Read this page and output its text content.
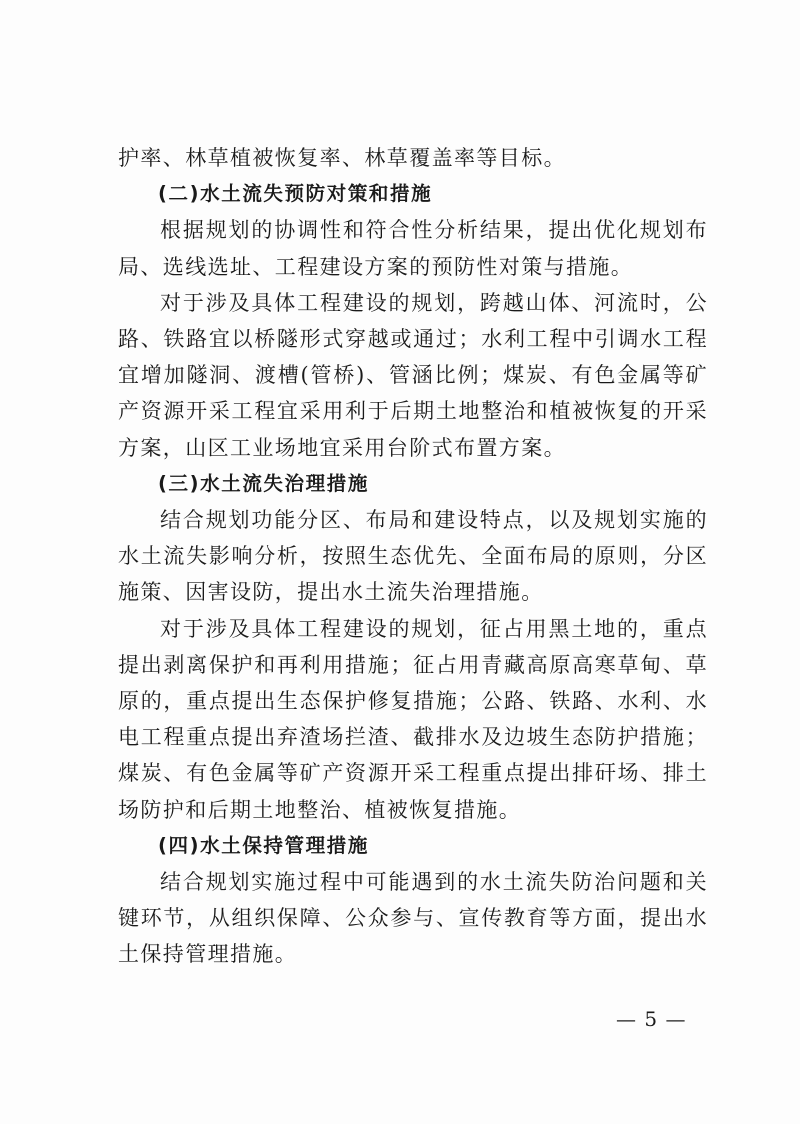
护率、林草植被恢复率、林草覆盖率等目标。

(二)水土流失预防对策和措施

根据规划的协调性和符合性分析结果，提出优化规划布局、选线选址、工程建设方案的预防性对策与措施。

对于涉及具体工程建设的规划，跨越山体、河流时，公路、铁路宜以桥隧形式穿越或通过；水利工程中引调水工程宜增加隧洞、渡槽(管桥)、管涵比例；煤炭、有色金属等矿产资源开采工程宜采用利于后期土地整治和植被恢复的开采方案，山区工业场地宜采用台阶式布置方案。

(三)水土流失治理措施

结合规划功能分区、布局和建设特点，以及规划实施的水土流失影响分析，按照生态优先、全面布局的原则，分区施策、因害设防，提出水土流失治理措施。

对于涉及具体工程建设的规划，征占用黑土地的，重点提出剥离保护和再利用措施；征占用青藏高原高寒草甸、草原的，重点提出生态保护修复措施；公路、铁路、水利、水电工程重点提出弃渣场拦渣、截排水及边坡生态防护措施；煤炭、有色金属等矿产资源开采工程重点提出排矸场、排土场防护和后期土地整治、植被恢复措施。

(四)水土保持管理措施

结合规划实施过程中可能遇到的水土流失防治问题和关键环节，从组织保障、公众参与、宣传教育等方面，提出水土保持管理措施。

— 5 —
